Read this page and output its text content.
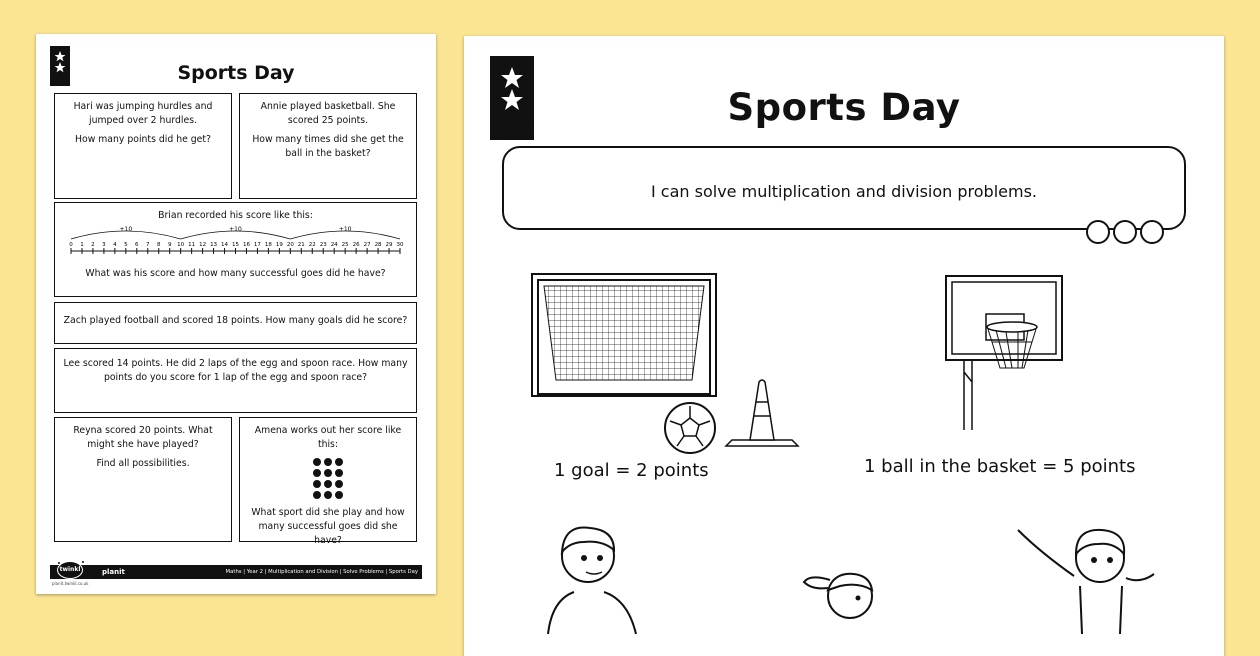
Sports Day

Hari was jumping hurdles and
jumped over 2 hurdles.

How many points did he get?

Annie played basketball. She
scored 25 points.

How many times did she get the
ball in the basket?

Brian recorded his score like this:
0 1 2 3 4 5 6 7 8 9 10 11 12 13 14 15 16 17 18 19 20 21 22 23 24 25 26 27 28 29 30
+10	+10	+10
What was his score and how many successful goes did he have?
Zach played football and scored 18 points. How many goals did he score?
Lee scored 14 points. He did 2 laps of the egg and spoon race. How many
points do you score for 1 lap of the egg and spoon race?

Reyna scored 20 points. What
might she have played?

Find all possibilities.

Amena works out her score like this:
What sport did she play and how
many successful goes did she have?
twinkl	planit	Maths | Year 2 | Multiplication and Division | Solve Problems | Sports Day
planit.twinkl.co.uk
Sports Day
I can solve multiplication and division problems.
1 goal = 2 points	1 ball in the basket = 5 points
